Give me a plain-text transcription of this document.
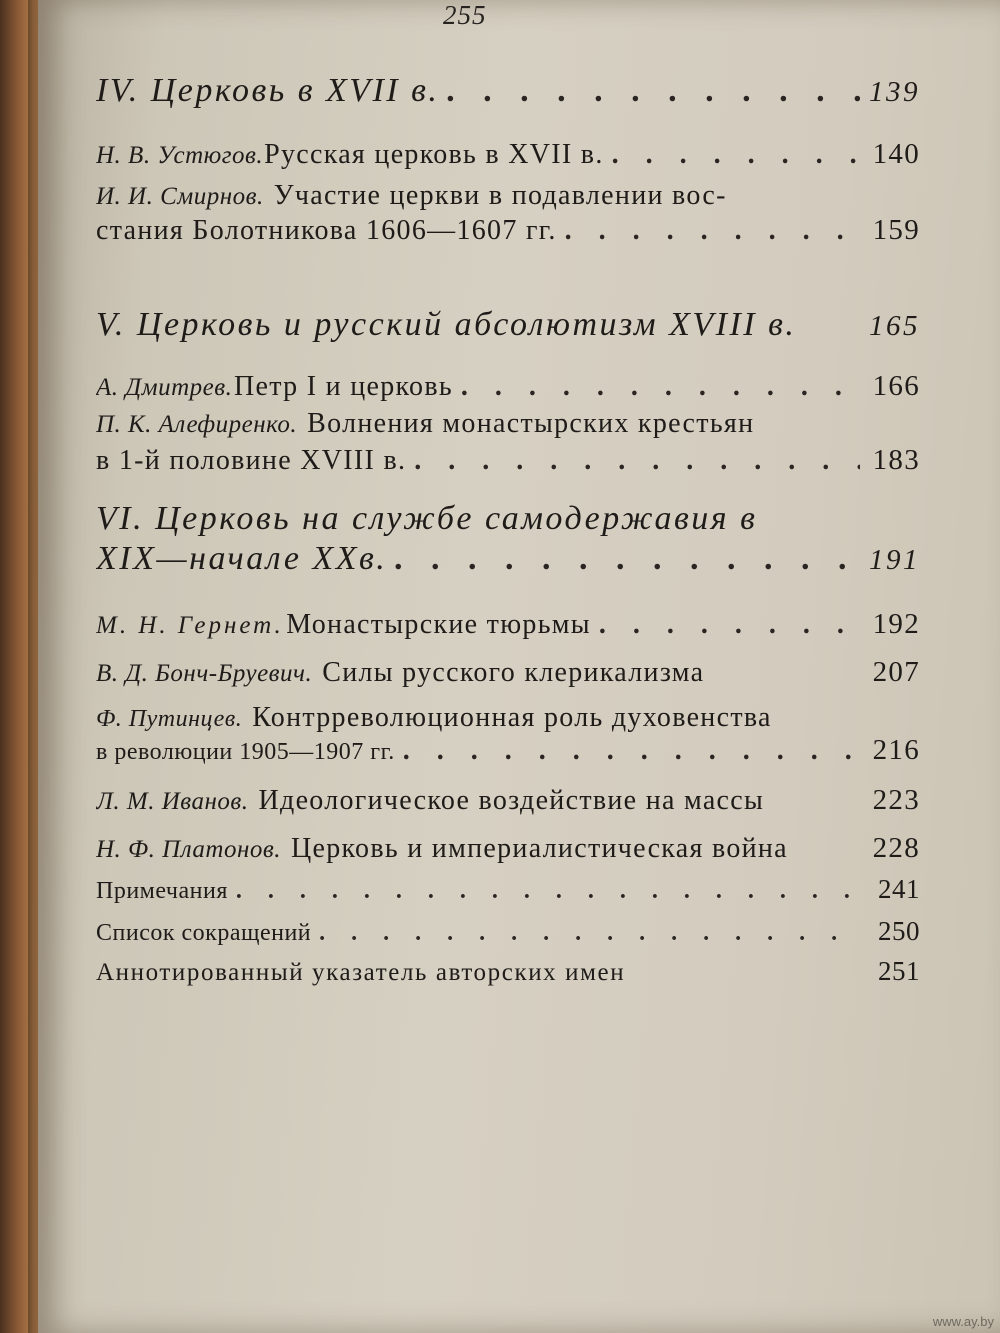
255
IV. Церковь в XVII в. . . .	139
Н. В. Устюгов. Русская церковь в XVII в. . . .	140
И. И. Смирнов. Участие церкви в подавлении вос-
стания Болотникова 1606—1607 гг. . . .	159
V. Церковь и русский абсолютизм XVIII в.	165
А. Дмитрев. Петр I и церковь . . .	166
П. К. Алефиренко. Волнения монастырских крестьян
в 1-й половине XVIII в. . . .	183
VI. Церковь на службе самодержавия в
XIX—начале XXв. . . .	191
М. Н. Гернет. Монастырские тюрьмы . . .	192
В. Д. Бонч-Бруевич. Силы русского клерикализма	207
Ф. Путинцев. Контрреволюционная роль духовенства
в революции 1905—1907 гг. . . .	216
Л. М. Иванов. Идеологическое воздействие на массы	223
Н. Ф. Платонов. Церковь и империалистическая война	228
Примечания . . .	241
Список сокращений . . .	250
Аннотированный указатель авторских имен	251
www.ay.by
